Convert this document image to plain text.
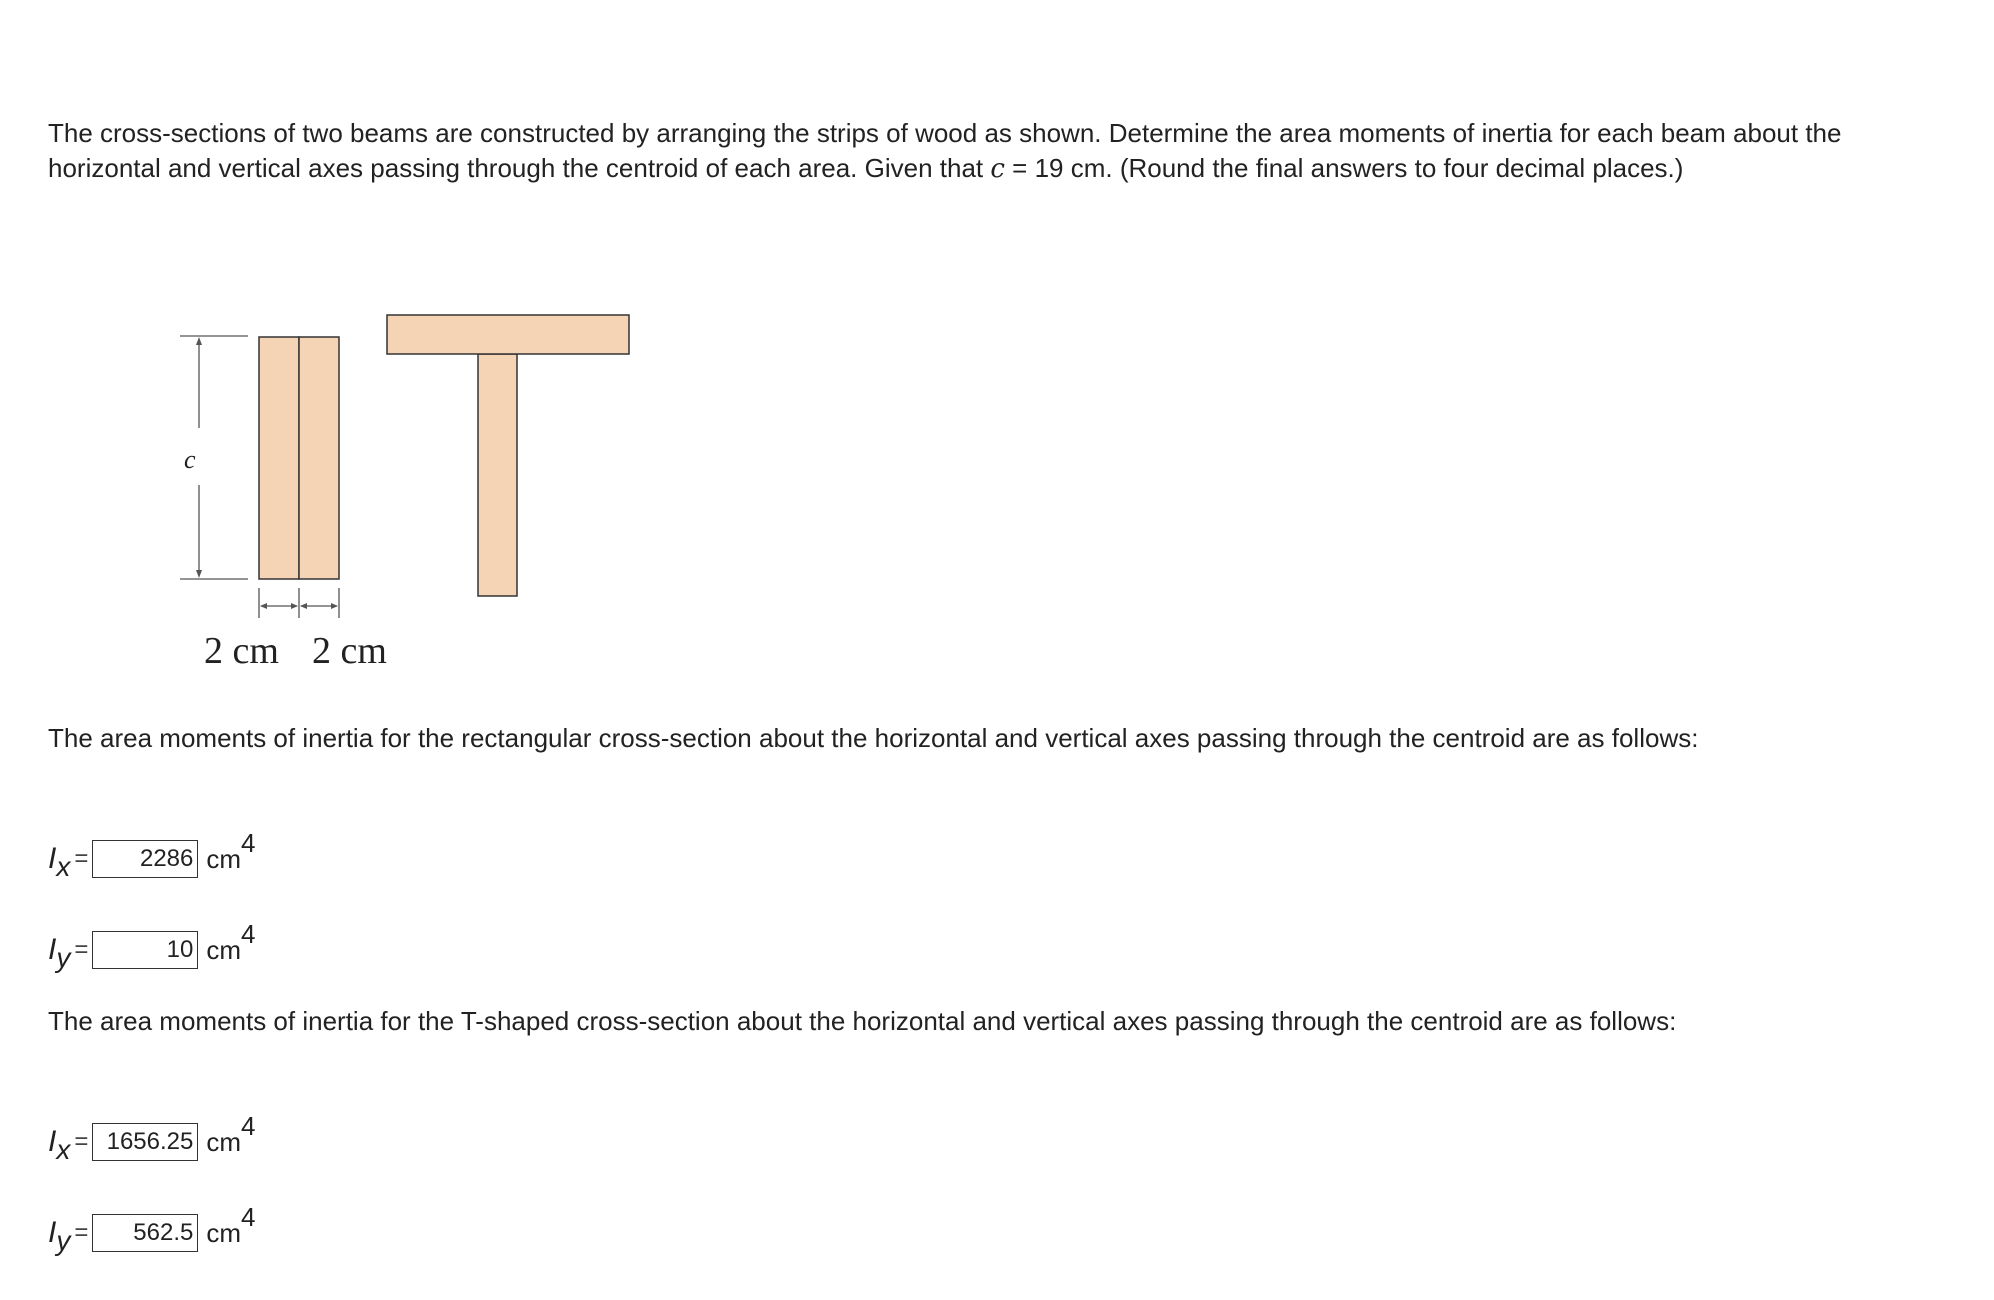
The cross-sections of two beams are constructed by arranging the strips of wood as shown. Determine the area moments of inertia for each beam about the horizontal and vertical axes passing through the centroid of each area. Given that c = 19 cm. (Round the final answers to four decimal places.)

c
2 cm 2 cm

The area moments of inertia for the rectangular cross-section about the horizontal and vertical axes passing through the centroid are as follows:

I x =	2286 cm
4
I y =	10 cm
4

The area moments of inertia for the T-shaped cross-section about the horizontal and vertical axes passing through the centroid are as follows:

I x = 1656.25 cm
4
I y =	562.5 cm
4
